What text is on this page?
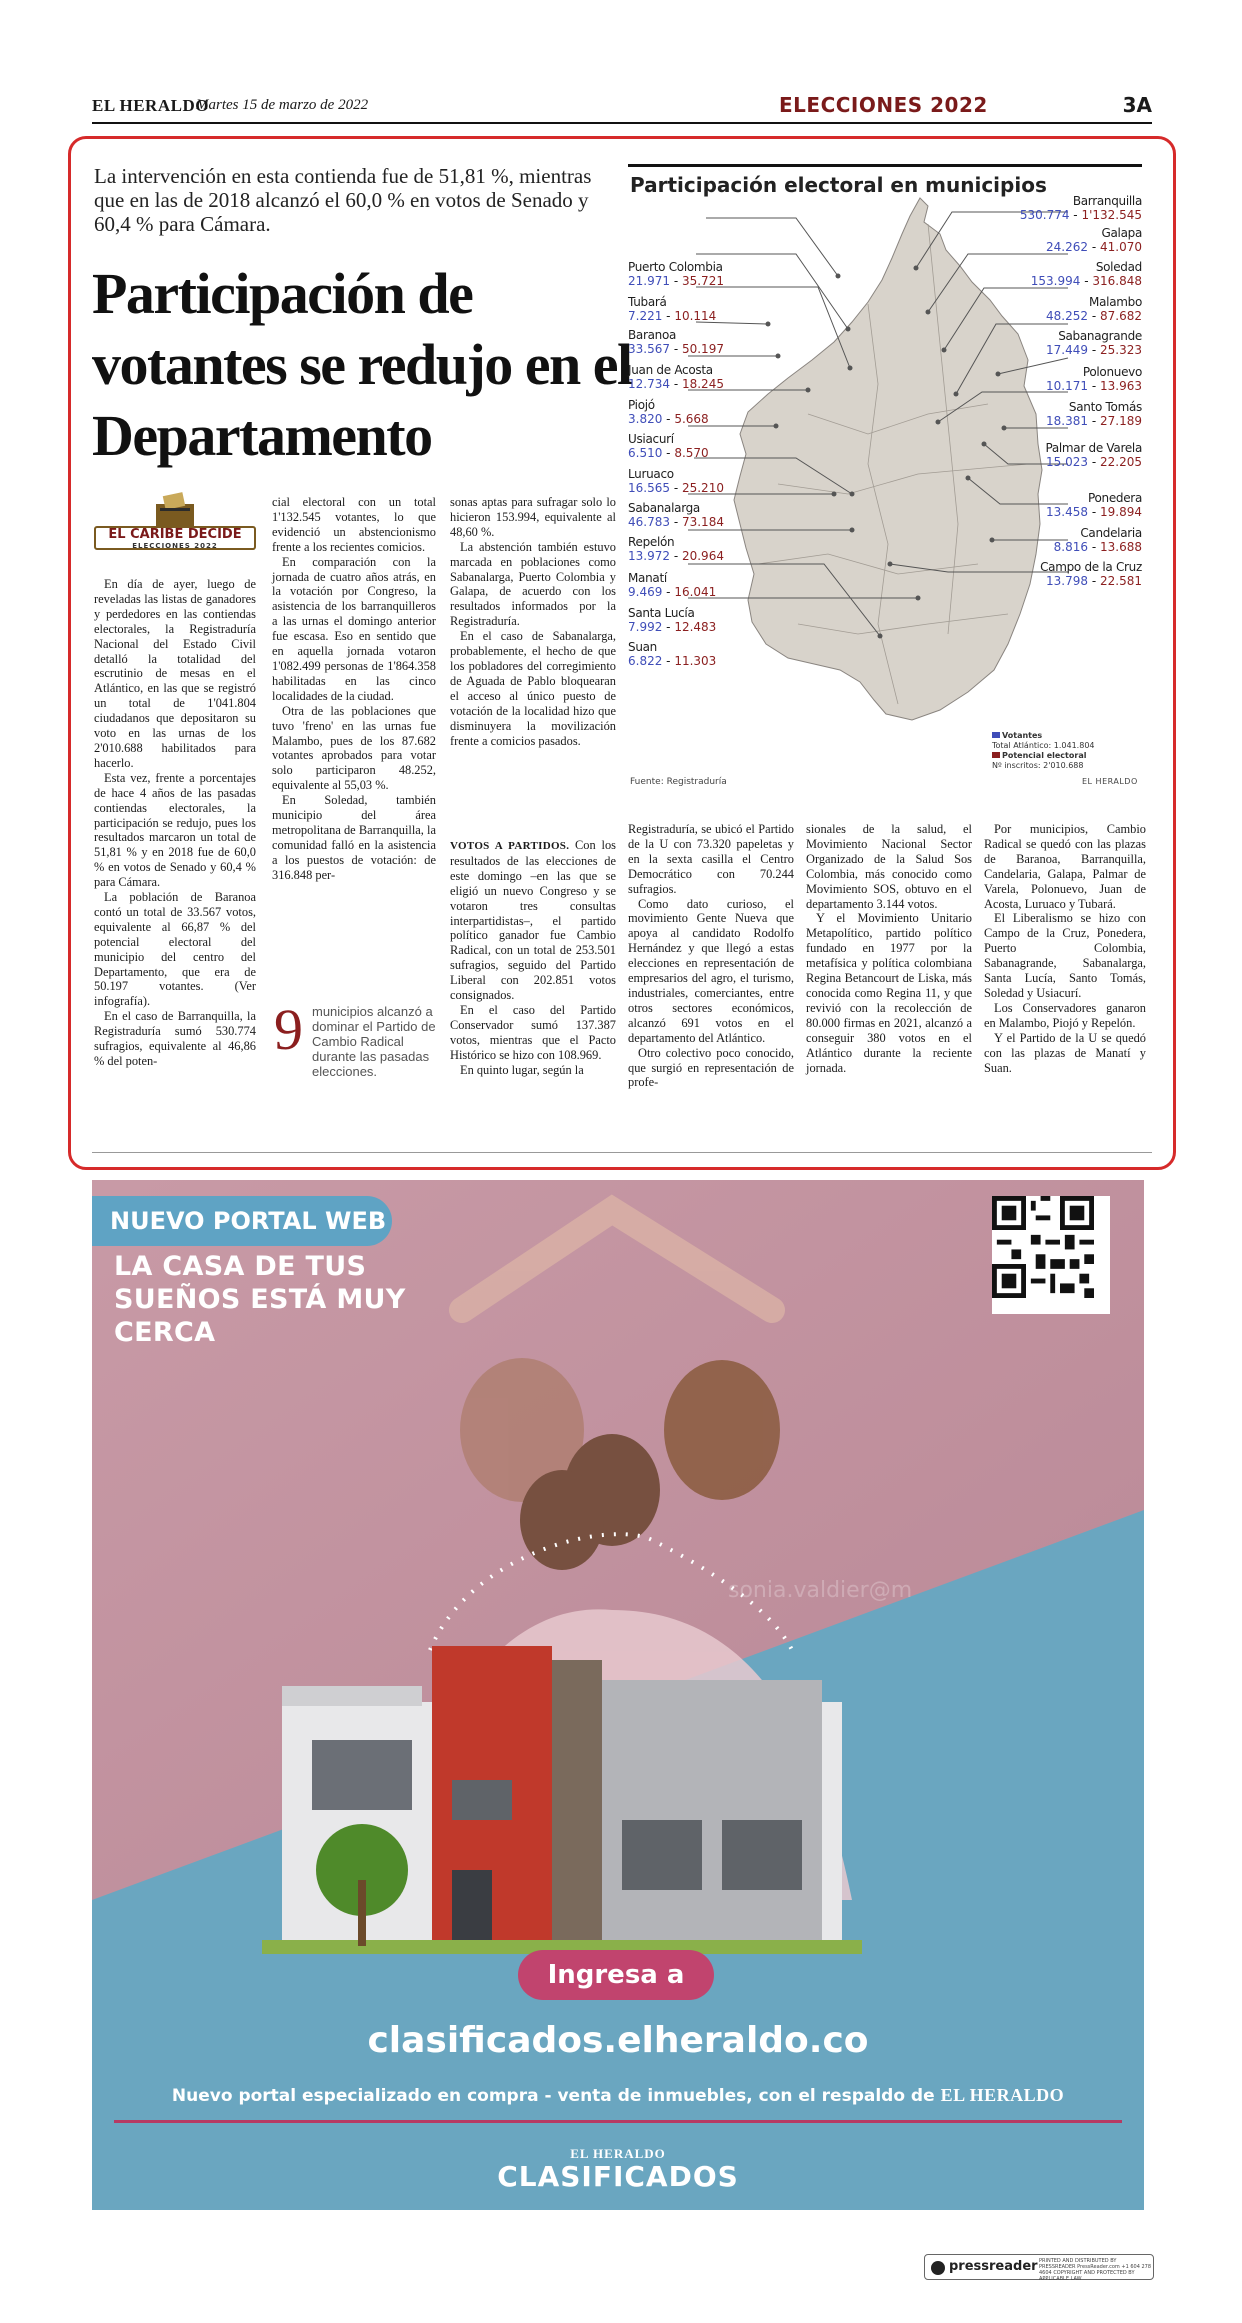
EL HERALDO
Martes 15 de marzo de 2022	ELECCIONES 2022	3A
La intervención en esta contienda fue de 51,81 %, mientras que en las de 2018 alcanzó el 60,0 % en votos de Senado y 60,4 % para Cámara.
Participación de votantes se redujo en el Departamento
EL CARIBE DECIDE
ELECCIONES 2022

En día de ayer, luego de reveladas las listas de ganadores y perdedores en las contiendas electorales, la Registraduría Nacional del Estado Civil detalló la totalidad del escrutinio de mesas en el Atlántico, en las que se registró un total de 1'041.804 ciudadanos que depositaron su voto en las urnas de los 2'010.688 habilitados para hacerlo.

Esta vez, frente a porcentajes de hace 4 años de las pasadas contiendas electorales, la participación se redujo, pues los resultados marcaron un total de 51,81 % y en 2018 fue de 60,0 % en votos de Senado y 60,4 % para Cámara.

La población de Baranoa contó un total de 33.567 votos, equivalente al 66,87 % del potencial electoral del municipio del centro del Departamento, que era de 50.197 votantes. (Ver infografía).

En el caso de Barranquilla, la Registraduría sumó 530.774 sufragios, equivalente al 46,86 % del poten-

cial electoral con un total 1'132.545 votantes, lo que evidenció un abstencionismo frente a los recientes comicios.

En comparación con la jornada de cuatro años atrás, en la votación por Congreso, la asistencia de los barranquilleros a las urnas el domingo anterior fue escasa. Eso en sentido que en aquella jornada votaron 1'082.499 personas de 1'864.358 habilitadas en las cinco localidades de la ciudad.

Otra de las poblaciones que tuvo 'freno' en las urnas fue Malambo, pues de los 87.682 votantes aprobados para votar solo participaron 48.252, equivalente al 55,03 %.

En Soledad, también municipio del área metropolitana de Barranquilla, la comunidad falló en la asistencia a los puestos de votación: de 316.848 per-

9 municipios alcanzó a dominar el Partido de Cambio Radical durante las pasadas elecciones.

sonas aptas para sufragar solo lo hicieron 153.994, equivalente al 48,60 %.

La abstención también estuvo marcada en poblaciones como Sabanalarga, Puerto Colombia y Galapa, de acuerdo con los resultados informados por la Registraduría.

En el caso de Sabanalarga, probablemente, el hecho de que los pobladores del corregimiento de Aguada de Pablo bloquearan el acceso al único puesto de votación de la localidad hizo que disminuyera la movilización frente a comicios pasados.

VOTOS A PARTIDOS. Con los resultados de las elecciones de este domingo –en las que se eligió un nuevo Congreso y se votaron tres consultas interpartidistas–, el partido político ganador fue Cambio Radical, con un total de 253.501 sufragios, seguido del Partido Liberal con 202.851 votos consignados.

En el caso del Partido Conservador sumó 137.387 votos, mientras que el Pacto Histórico se hizo con 108.969.

En quinto lugar, según la

Registraduría, se ubicó el Partido de la U con 73.320 papeletas y en la sexta casilla el Centro Democrático con 70.244 sufragios.

Como dato curioso, el movimiento Gente Nueva que apoya al candidato Rodolfo Hernández y que llegó a estas elecciones en representación de empresarios del agro, el turismo, industriales, comerciantes, entre otros sectores económicos, alcanzó 691 votos en el departamento del Atlántico.

Otro colectivo poco conocido, que surgió en representación de profe-

sionales de la salud, el Movimiento Nacional Sector Organizado de la Salud Sos Colombia, más conocido como Movimiento SOS, obtuvo en el departamento 3.144 votos.

Y el Movimiento Unitario Metapolítico, partido político fundado en 1977 por la metafísica y política colombiana Regina Betancourt de Liska, más conocida como Regina 11, y que revivió con la recolección de 80.000 firmas en 2021, alcanzó a conseguir 380 votos en el Atlántico durante la reciente jornada.

Por municipios, Cambio Radical se quedó con las plazas de Baranoa, Barranquilla, Candelaria, Galapa, Palmar de Varela, Polonuevo, Juan de Acosta, Luruaco y Tubará.

El Liberalismo se hizo con Campo de la Cruz, Ponedera, Puerto Colombia, Sabanagrande, Sabanalarga, Santa Lucía, Santo Tomás, Soledad y Usiacurí.

Los Conservadores ganaron en Malambo, Piojó y Repelón.

Y el Partido de la U se quedó con las plazas de Manatí y Suan.

Participación electoral en municipios
Puerto Colombia
21.971 - 35.721
Tubará
7.221 - 10.114
Baranoa
33.567 - 50.197
Juan de Acosta
12.734 - 18.245
Piojó
3.820 - 5.668
Usiacurí
6.510 - 8.570
Luruaco
16.565 - 25.210
Sabanalarga
46.783 - 73.184
Repelón
13.972 - 20.964
Manatí
9.469 - 16.041
Santa Lucía
7.992 - 12.483
Suan
6.822 - 11.303
Barranquilla
530.774 - 1'132.545
Galapa
24.262 - 41.070
Soledad
153.994 - 316.848
Malambo
48.252 - 87.682
Sabanagrande
17.449 - 25.323
Polonuevo
10.171 - 13.963
Santo Tomás
18.381 - 27.189
Palmar de Varela
15.023 - 22.205
Ponedera
13.458 - 19.894
Candelaria
8.816 - 13.688
Campo de la Cruz
13.798 - 22.581
Votantes
Total Atlántico: 1.041.804
Potencial electoral
Nº inscritos: 2'010.688
Fuente: Registraduría	EL HERALDO
NUEVO PORTAL WEB
LA CASA DE TUS SUEÑOS ESTÁ MUY CERCA
sonia.valdier@m
Ingresa a
clasificados.elheraldo.co
Nuevo portal especializado en compra - venta de inmuebles, con el respaldo de EL HERALDO
EL HERALDO
CLASIFICADOS
pressreader PRINTED AND DISTRIBUTED BY PRESSREADER PressReader.com +1 604 278 4604 COPYRIGHT AND PROTECTED BY APPLICABLE LAW
